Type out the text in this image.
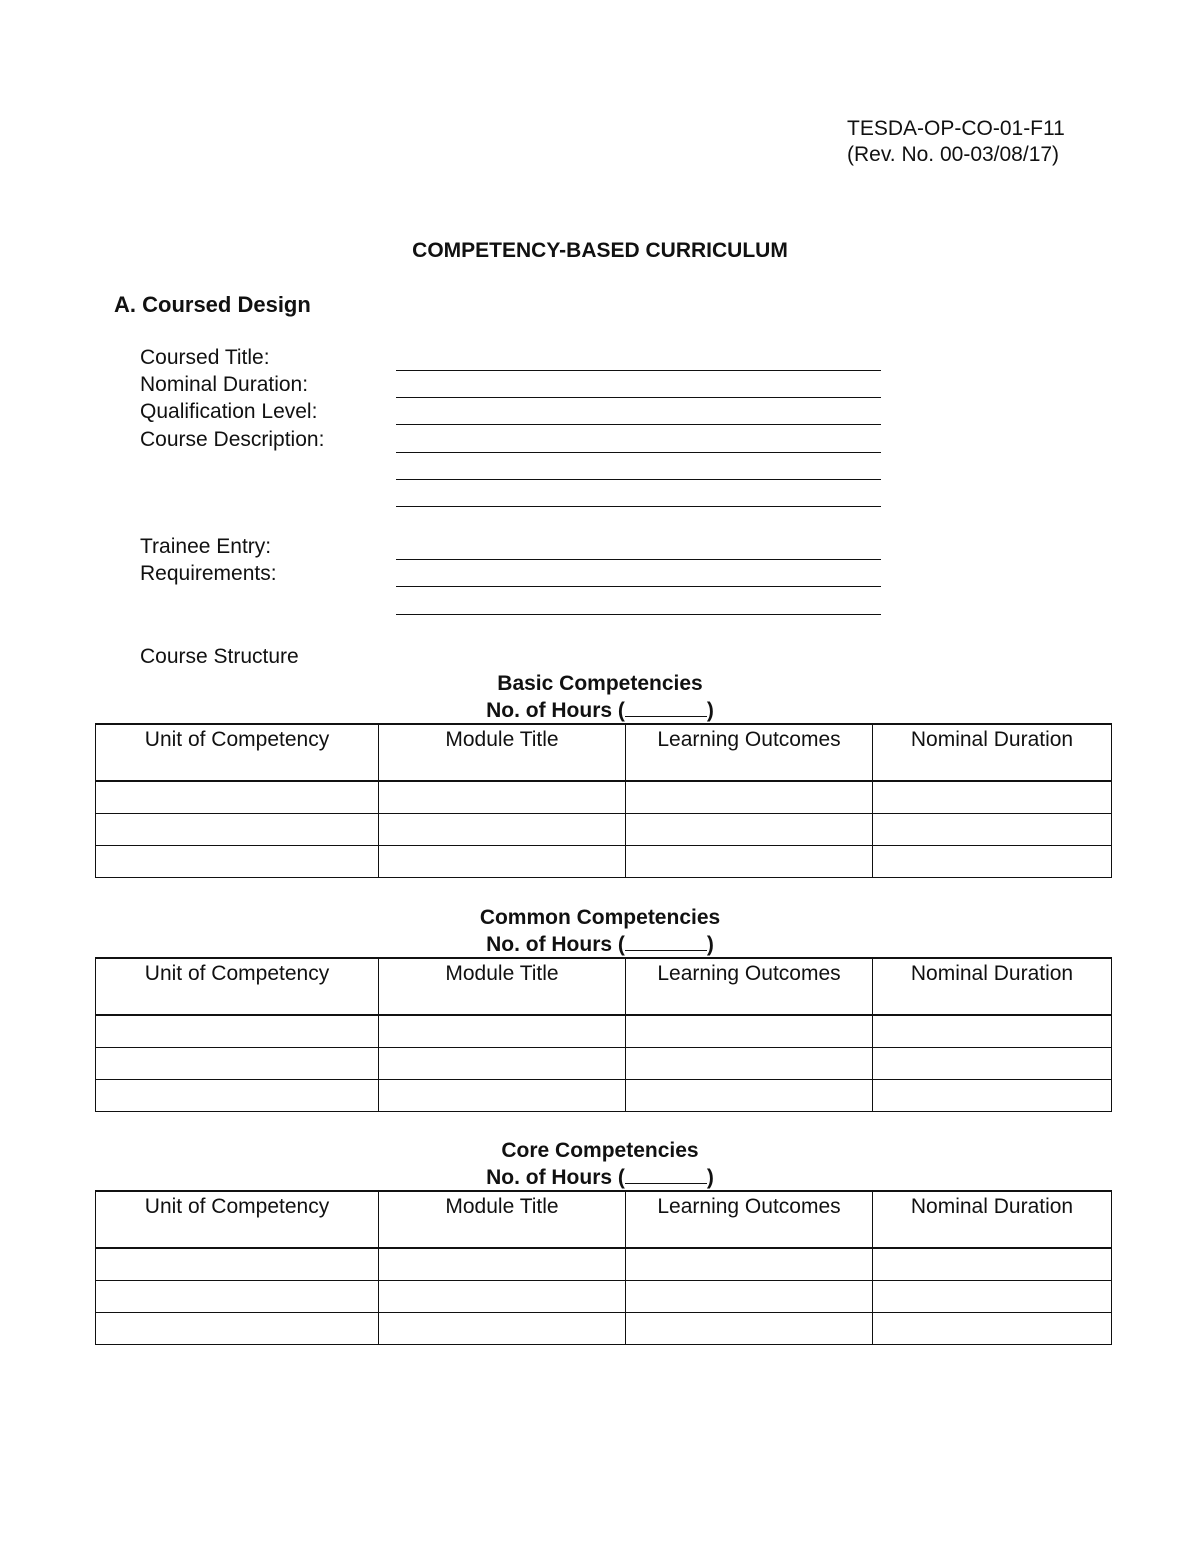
TESDA-OP-CO-01-F11
(Rev. No. 00-03/08/17)
COMPETENCY-BASED CURRICULUM
A. Coursed Design
Coursed Title:
Nominal Duration:
Qualification Level:
Course Description:
Trainee Entry:
Requirements:
Course Structure
Basic Competencies
No. of Hours (	)
Unit of Competency	Module Title	Learning Outcomes	Nominal Duration

Common Competencies
No. of Hours (	)
Unit of Competency	Module Title	Learning Outcomes	Nominal Duration

Core Competencies
No. of Hours (	)
Unit of Competency	Module Title	Learning Outcomes	Nominal Duration
